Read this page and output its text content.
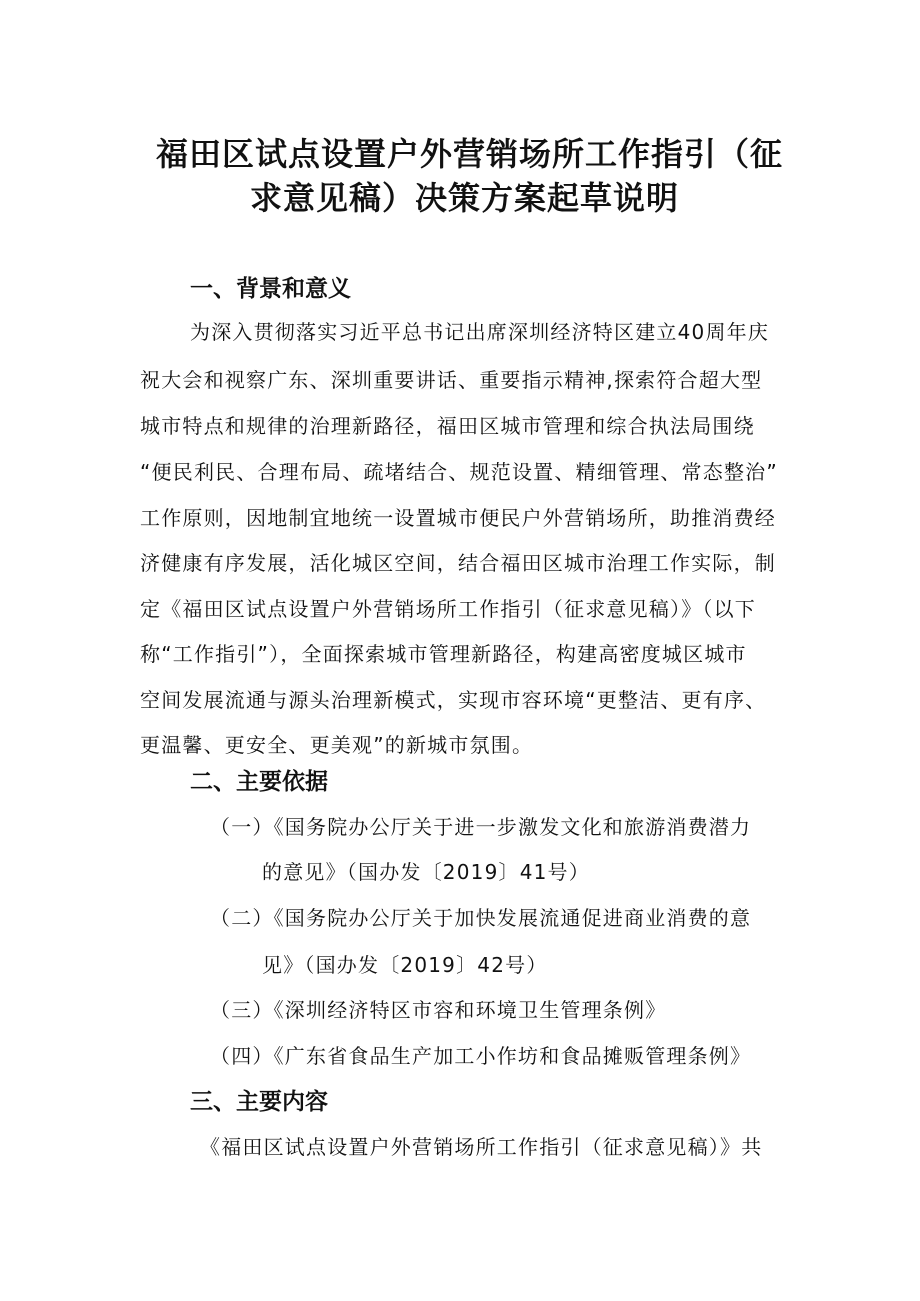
福田区试点设置户外营销场所工作指引（征
求意见稿）决策方案起草说明
一、背景和意义
为深入贯彻落实习近平总书记出席深圳经济特区建立40周年庆
祝大会和视察广东、深圳重要讲话、重要指示精神,探索符合超大型
城市特点和规律的治理新路径，福田区城市管理和综合执法局围绕
“便民利民、合理布局、疏堵结合、规范设置、精细管理、常态整治”
工作原则，因地制宜地统一设置城市便民户外营销场所，助推消费经
济健康有序发展，活化城区空间，结合福田区城市治理工作实际，制
定《福田区试点设置户外营销场所工作指引（征求意见稿）》（以下
称“工作指引”），全面探索城市管理新路径，构建高密度城区城市
空间发展流通与源头治理新模式，实现市容环境“更整洁、更有序、
更温馨、更安全、更美观”的新城市氛围。
二、主要依据
（一）《国务院办公厅关于进一步激发文化和旅游消费潜力
的意见》（国办发〔2019〕41号）
（二）《国务院办公厅关于加快发展流通促进商业消费的意
见》（国办发〔2019〕42号）
（三）《深圳经济特区市容和环境卫生管理条例》
（四）《广东省食品生产加工小作坊和食品摊贩管理条例》
三、主要内容
《福田区试点设置户外营销场所工作指引（征求意见稿）》共
